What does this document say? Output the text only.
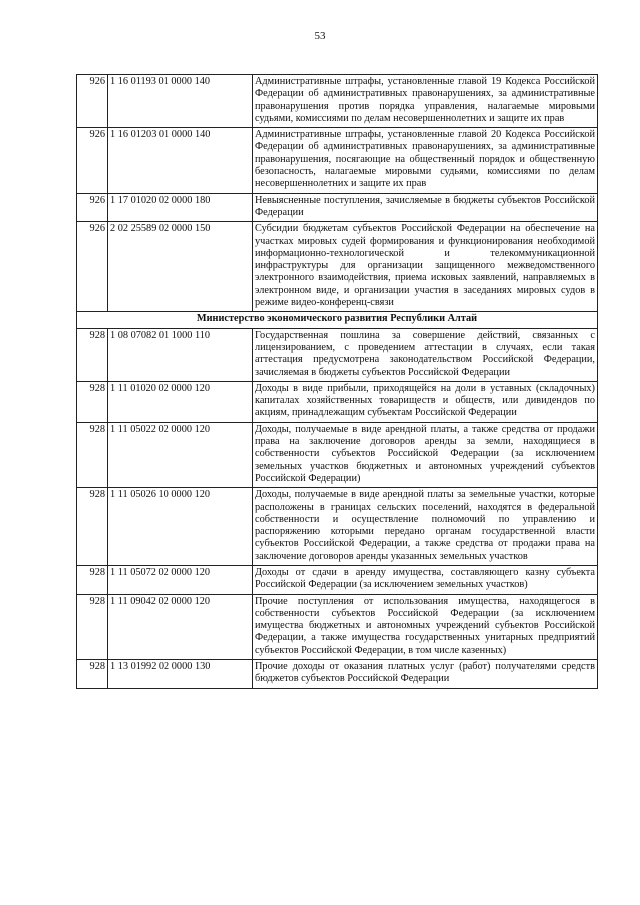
53
926	1 16 01193 01 0000 140	Административные штрафы, установленные главой 19 Кодекса Российской Федерации об административных правонарушениях, за административные правонарушения против порядка управления, налагаемые мировыми судьями, комиссиями по делам несовершеннолетних и защите их прав
926	1 16 01203 01 0000 140	Административные штрафы, установленные главой 20 Кодекса Российской Федерации об административных правонарушениях, за административные правонарушения, посягающие на общественный порядок и общественную безопасность, налагаемые мировыми судьями, комиссиями по делам несовершеннолетних и защите их прав
926	1 17 01020 02 0000 180	Невыясненные поступления, зачисляемые в бюджеты субъектов Российской Федерации
926	2 02 25589 02 0000 150	Субсидии бюджетам субъектов Российской Федерации на обеспечение на участках мировых судей формирования и функционирования необходимой информационно-технологической и телекоммуникационной инфраструктуры для организации защищенного межведомственного электронного взаимодействия, приема исковых заявлений, направляемых в электронном виде, и организации участия в заседаниях мировых судов в режиме видео-конференц-связи
Министерство экономического развития Республики Алтай		
928	1 08 07082 01 1000 110	Государственная пошлина за совершение действий, связанных с лицензированием, с проведением аттестации в случаях, если такая аттестация предусмотрена законодательством Российской Федерации, зачисляемая в бюджеты субъектов Российской Федерации
928	1 11 01020 02 0000 120	Доходы в виде прибыли, приходящейся на доли в уставных (складочных) капиталах хозяйственных товариществ и обществ, или дивидендов по акциям, принадлежащим субъектам Российской Федерации
928	1 11 05022 02 0000 120	Доходы, получаемые в виде арендной платы, а также средства от продажи права на заключение договоров аренды за земли, находящиеся в собственности субъектов Российской Федерации (за исключением земельных участков бюджетных и автономных учреждений субъектов Российской Федерации)
928	1 11 05026 10 0000 120	Доходы, получаемые в виде арендной платы за земельные участки, которые расположены в границах сельских поселений, находятся в федеральной собственности и осуществление полномочий по управлению и распоряжению которыми передано органам государственной власти субъектов Российской Федерации, а также средства от продажи права на заключение договоров аренды указанных земельных участков
928	1 11 05072 02 0000 120	Доходы от сдачи в аренду имущества, составляющего казну субъекта Российской Федерации (за исключением земельных участков)
928	1 11 09042 02 0000 120	Прочие поступления от использования имущества, находящегося в собственности субъектов Российской Федерации (за исключением имущества бюджетных и автономных учреждений субъектов Российской Федерации, а также имущества государственных унитарных предприятий субъектов Российской Федерации, в том числе казенных)
928	1 13 01992 02 0000 130	Прочие доходы от оказания платных услуг (работ) получателями средств бюджетов субъектов Российской Федерации
